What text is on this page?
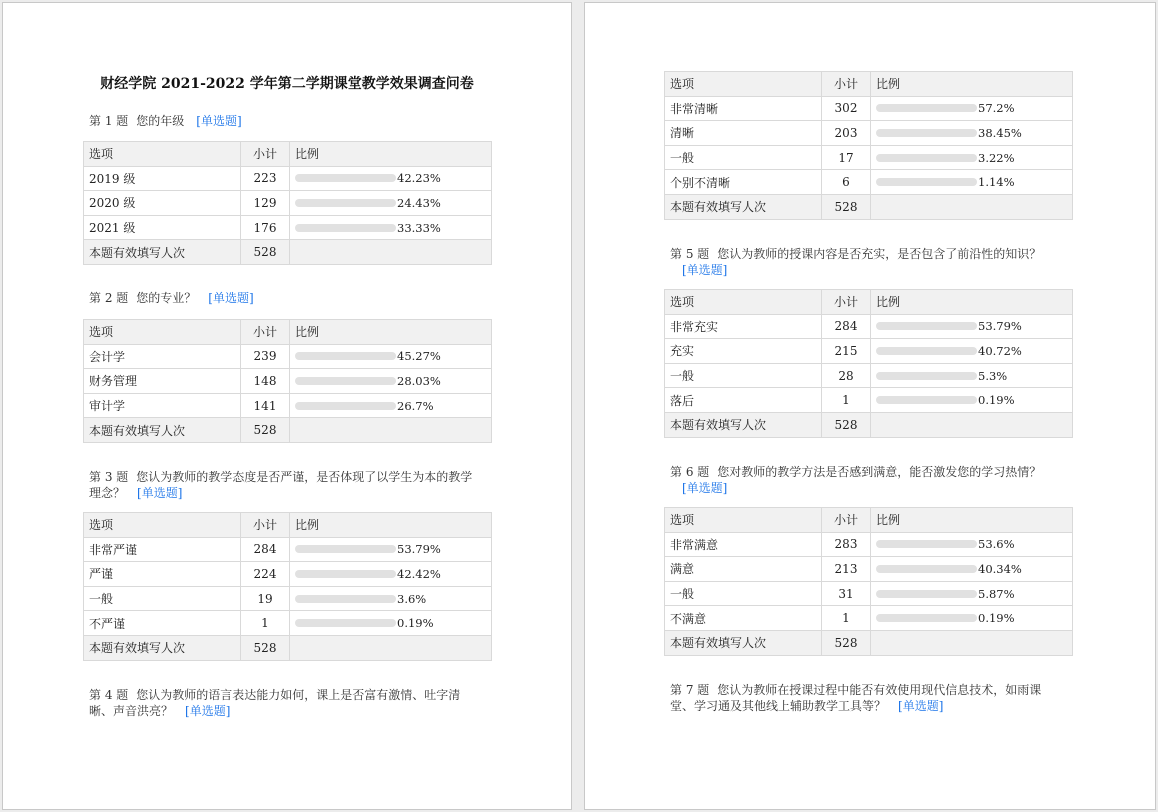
财经学院 2021-2022 学年第二学期课堂教学效果调查问卷
第 1 题 您的年级 [单选题]
选项	小计	比例
2019 级	223	42.23%

2020 级	129	24.43%

2021 级	176	33.33%

本题有效填写人次	528	
第 2 题 您的专业？ [单选题]
选项	小计	比例
会计学	239	45.27%

财务管理	148	28.03%

审计学	141	26.7%

本题有效填写人次	528	
第 3 题 您认为教师的教学态度是否严谨，是否体现了以学生为本的教学理念？ [单选题]
选项	小计	比例
非常严谨	284	53.79%

严谨	224	42.42%

一般	19	3.6%

不严谨	1	0.19%

本题有效填写人次	528	
第 4 题 您认为教师的语言表达能力如何，课上是否富有激情、吐字清晰、声音洪亮？ [单选题]
选项	小计	比例
非常清晰	302	57.2%

清晰	203	38.45%

一般	17	3.22%

个别不清晰	6	1.14%

本题有效填写人次	528	
第 5 题 您认为教师的授课内容是否充实，是否包含了前沿性的知识？[单选题]
选项	小计	比例
非常充实	284	53.79%

充实	215	40.72%

一般	28	5.3%

落后	1	0.19%

本题有效填写人次	528	
第 6 题 您对教师的教学方法是否感到满意，能否激发您的学习热情？[单选题]
选项	小计	比例
非常满意	283	53.6%

满意	213	40.34%

一般	31	5.87%

不满意	1	0.19%

本题有效填写人次	528	
第 7 题 您认为教师在授课过程中能否有效使用现代信息技术，如雨课堂、学习通及其他线上辅助教学工具等？ [单选题]
